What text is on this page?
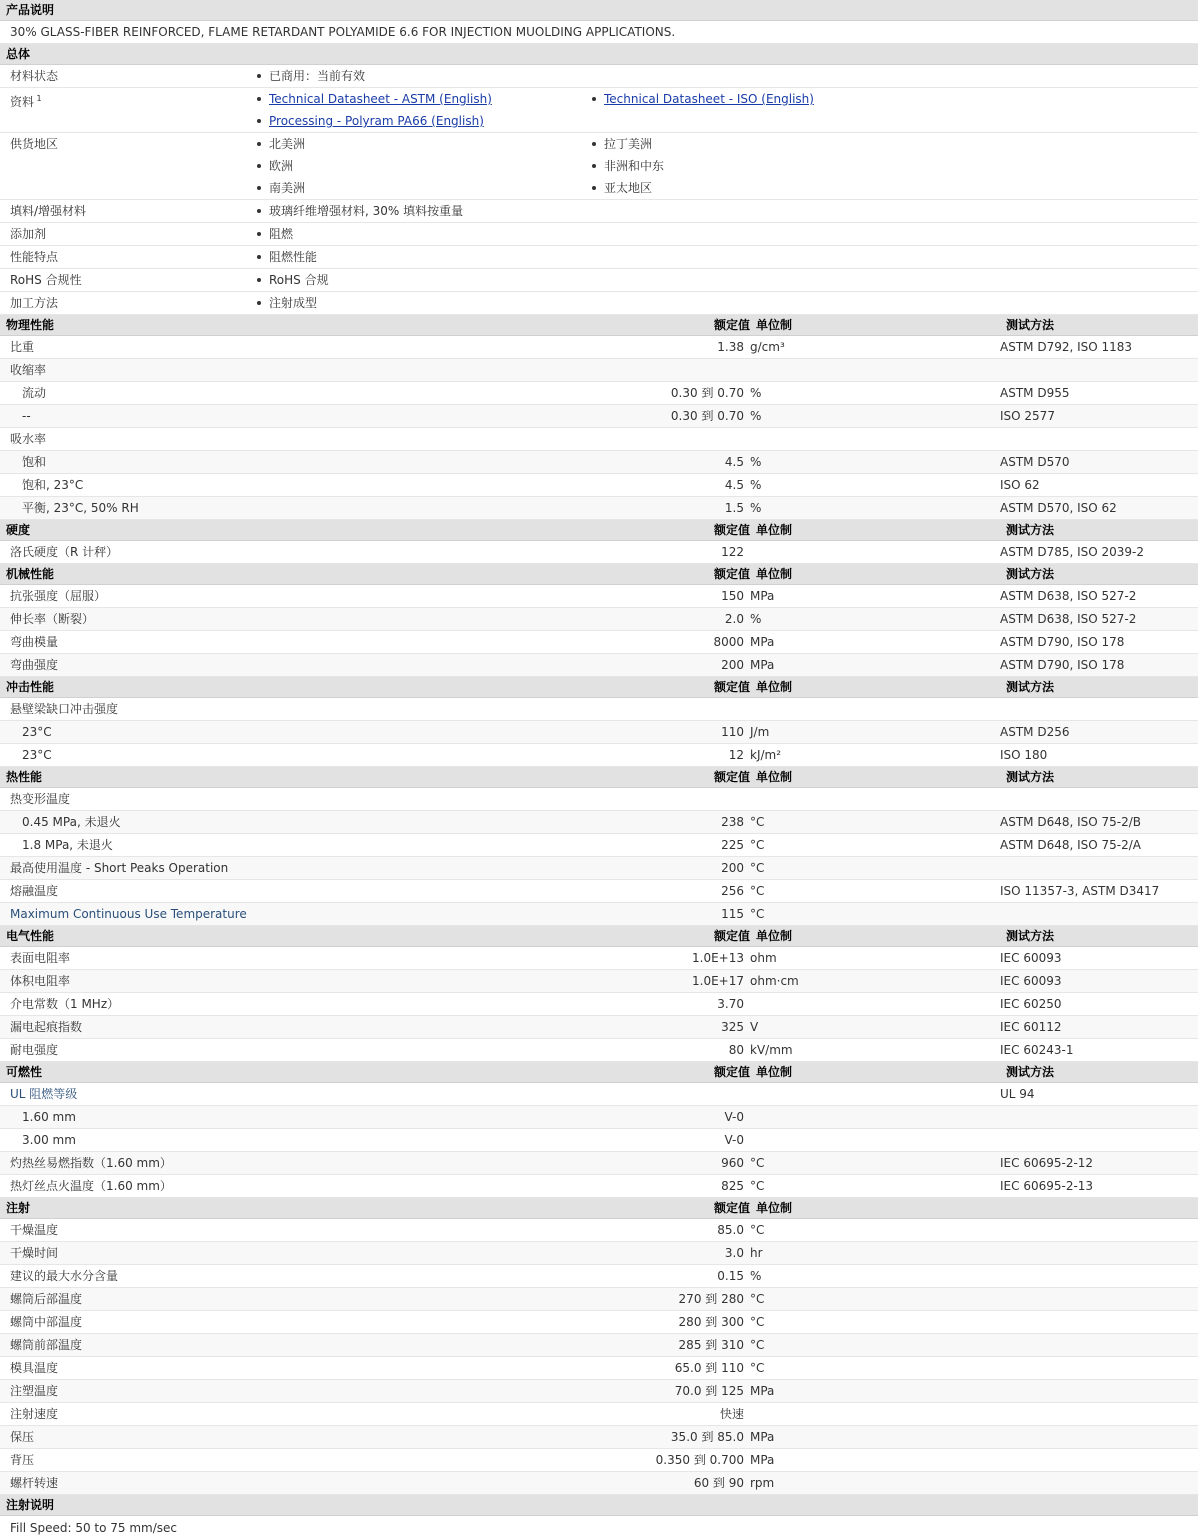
产品说明
30% GLASS-FIBER REINFORCED, FLAME RETARDANT POLYAMIDE 6.6 FOR INJECTION MUOLDING APPLICATIONS.
总体
材料状态	已商用：当前有效
资料 $^1$	Technical Datasheet - ASTM (English)	Technical Datasheet - ISO (English)
Processing - Polyram PA66 (English)
供货地区	北美洲	拉丁美洲
欧洲	非洲和中东
南美洲	亚太地区
填料/增强材料	玻璃纤维增强材料, 30% 填料按重量
添加剂	阻燃
性能特点	阻燃性能
RoHS 合规性	RoHS 合规
加工方法	注射成型
物理性能	额定值 单位制	测试方法
比重	1.38 g/cm³	ASTM D792, ISO 1183
收缩率
流动	0.30 到 0.70 %	ASTM D955
--	0.30 到 0.70 %	ISO 2577
吸水率
饱和	4.5 %	ASTM D570
饱和, 23°C	4.5 %	ISO 62
平衡, 23°C, 50% RH	1.5 %	ASTM D570, ISO 62
硬度	额定值 单位制	测试方法
洛氏硬度（R 计秤）	122	ASTM D785, ISO 2039-2
机械性能	额定值 单位制	测试方法
抗张强度（屈服）	150 MPa	ASTM D638, ISO 527-2
伸长率（断裂）	2.0 %	ASTM D638, ISO 527-2
弯曲模量	8000 MPa	ASTM D790, ISO 178
弯曲强度	200 MPa	ASTM D790, ISO 178
冲击性能	额定值 单位制	测试方法
悬壁梁缺口冲击强度
23°C	110 J/m	ASTM D256
23°C	12 kJ/m²	ISO 180
热性能	额定值 单位制	测试方法
热变形温度
0.45 MPa, 未退火	238 °C	ASTM D648, ISO 75-2/B
1.8 MPa, 未退火	225 °C	ASTM D648, ISO 75-2/A
最高使用温度 - Short Peaks Operation	200 °C
熔融温度	256 °C	ISO 11357-3, ASTM D3417
Maximum Continuous Use Temperature	115 °C
电气性能	额定值 单位制	测试方法
表面电阻率	1.0E+13 ohm	IEC 60093
体积电阻率	1.0E+17 ohm·cm	IEC 60093
介电常数（1 MHz）	3.70	IEC 60250
漏电起痕指数	325 V	IEC 60112
耐电强度	80 kV/mm	IEC 60243-1
可燃性	额定值 单位制	测试方法
UL 阻燃等级	UL 94
1.60 mm	V-0
3.00 mm	V-0
灼热丝易燃指数（1.60 mm）	960 °C	IEC 60695-2-12
热灯丝点火温度（1.60 mm）	825 °C	IEC 60695-2-13
注射	额定值 单位制
干燥温度	85.0 °C
干燥时间	3.0 hr
建议的最大水分含量	0.15 %
螺筒后部温度	270 到 280 °C
螺筒中部温度	280 到 300 °C
螺筒前部温度	285 到 310 °C
模具温度	65.0 到 110 °C
注塑温度	70.0 到 125 MPa
注射速度	快速
保压	35.0 到 85.0 MPa
背压	0.350 到 0.700 MPa
螺杆转速	60 到 90 rpm
注射说明
Fill Speed: 50 to 75 mm/sec
